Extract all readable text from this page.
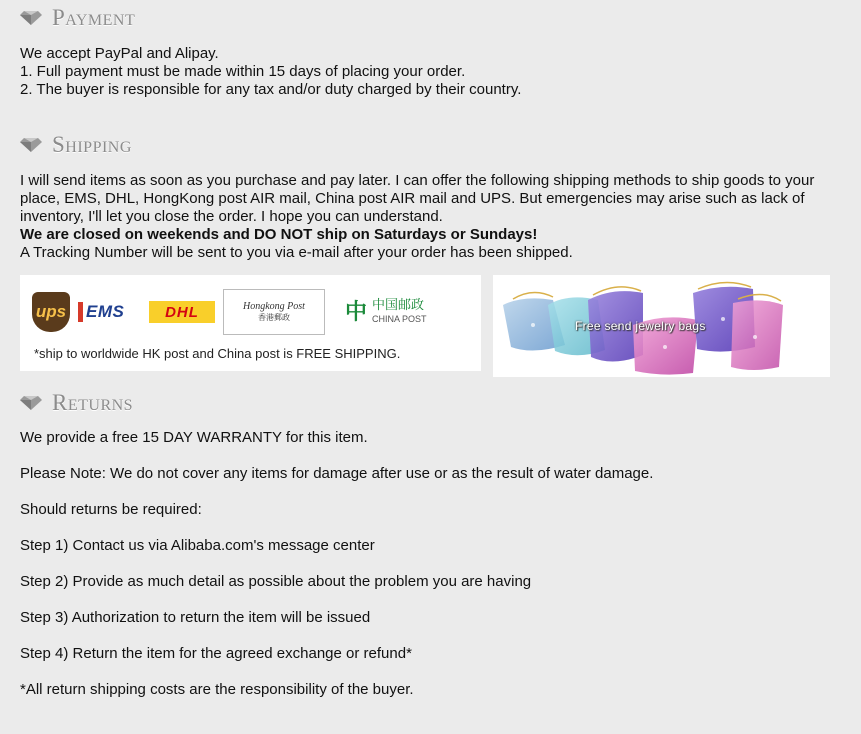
Payment

We accept PayPal and Alipay.

1. Full payment must be made within 15 days of placing your order.

2. The buyer is responsible for any tax and/or duty charged by their country.

Shipping

I will send items as soon as you purchase and pay later. I can offer the following shipping methods to ship goods to your place, EMS, DHL, HongKong post AIR mail, China post AIR mail and UPS. But emergencies may arise such as lack of inventory, I'll let you close the order. I hope you can understand.

We are closed on weekends and DO NOT ship on Saturdays or Sundays!

A Tracking Number will be sent to you via e-mail after your order has been shipped.

ups	EMS	DHL	Hongkong Post
香港郵政 中 中国邮政
CHINA POST
*ship to worldwide HK post and China post is FREE SHIPPING.
Free send jewelry bags
Returns
We provide a free 15 DAY WARRANTY for this item.
Please Note: We do not cover any items for damage after use or as the result of water damage.
Should returns be required:
Step 1) Contact us via Alibaba.com's message center
Step 2) Provide as much detail as possible about the problem you are having
Step 3) Authorization to return the item will be issued
Step 4) Return the item for the agreed exchange or refund*
*All return shipping costs are the responsibility of the buyer.
